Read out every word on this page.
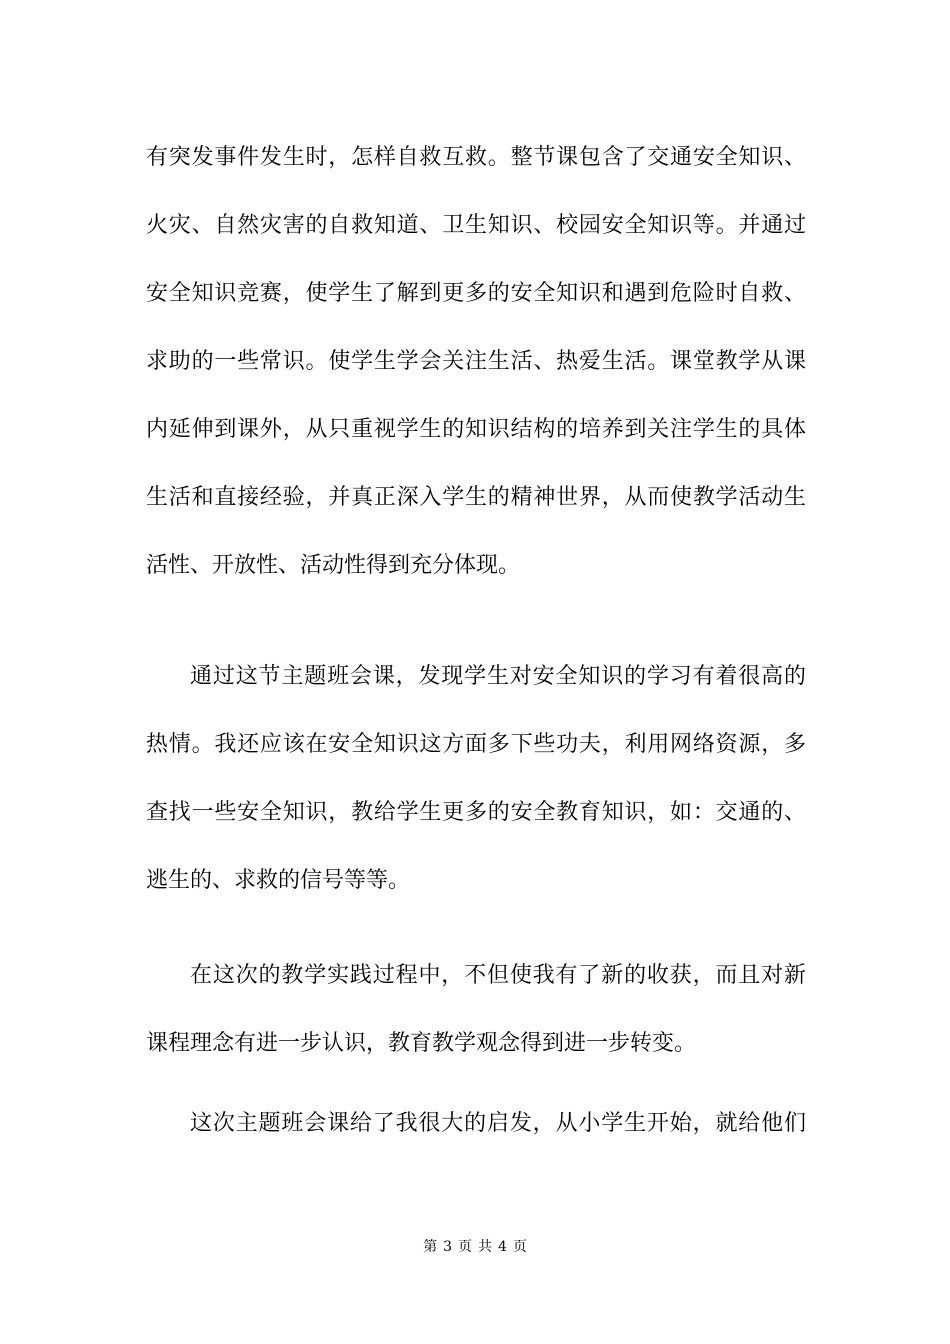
有突发事件发生时，怎样自救互救。整节课包含了交通安全知识、
火灾、自然灾害的自救知道、卫生知识、校园安全知识等。并通过
安全知识竞赛，使学生了解到更多的安全知识和遇到危险时自救、
求助的一些常识。使学生学会关注生活、热爱生活。课堂教学从课
内延伸到课外，从只重视学生的知识结构的培养到关注学生的具体
生活和直接经验，并真正深入学生的精神世界，从而使教学活动生
活性、开放性、活动性得到充分体现。
通过这节主题班会课，发现学生对安全知识的学习有着很高的
热情。我还应该在安全知识这方面多下些功夫，利用网络资源，多
查找一些安全知识，教给学生更多的安全教育知识，如：交通的、
逃生的、求救的信号等等。
在这次的教学实践过程中，不但使我有了新的收获，而且对新
课程理念有进一步认识，教育教学观念得到进一步转变。
这次主题班会课给了我很大的启发，从小学生开始，就给他们
第 3 页 共 4 页
